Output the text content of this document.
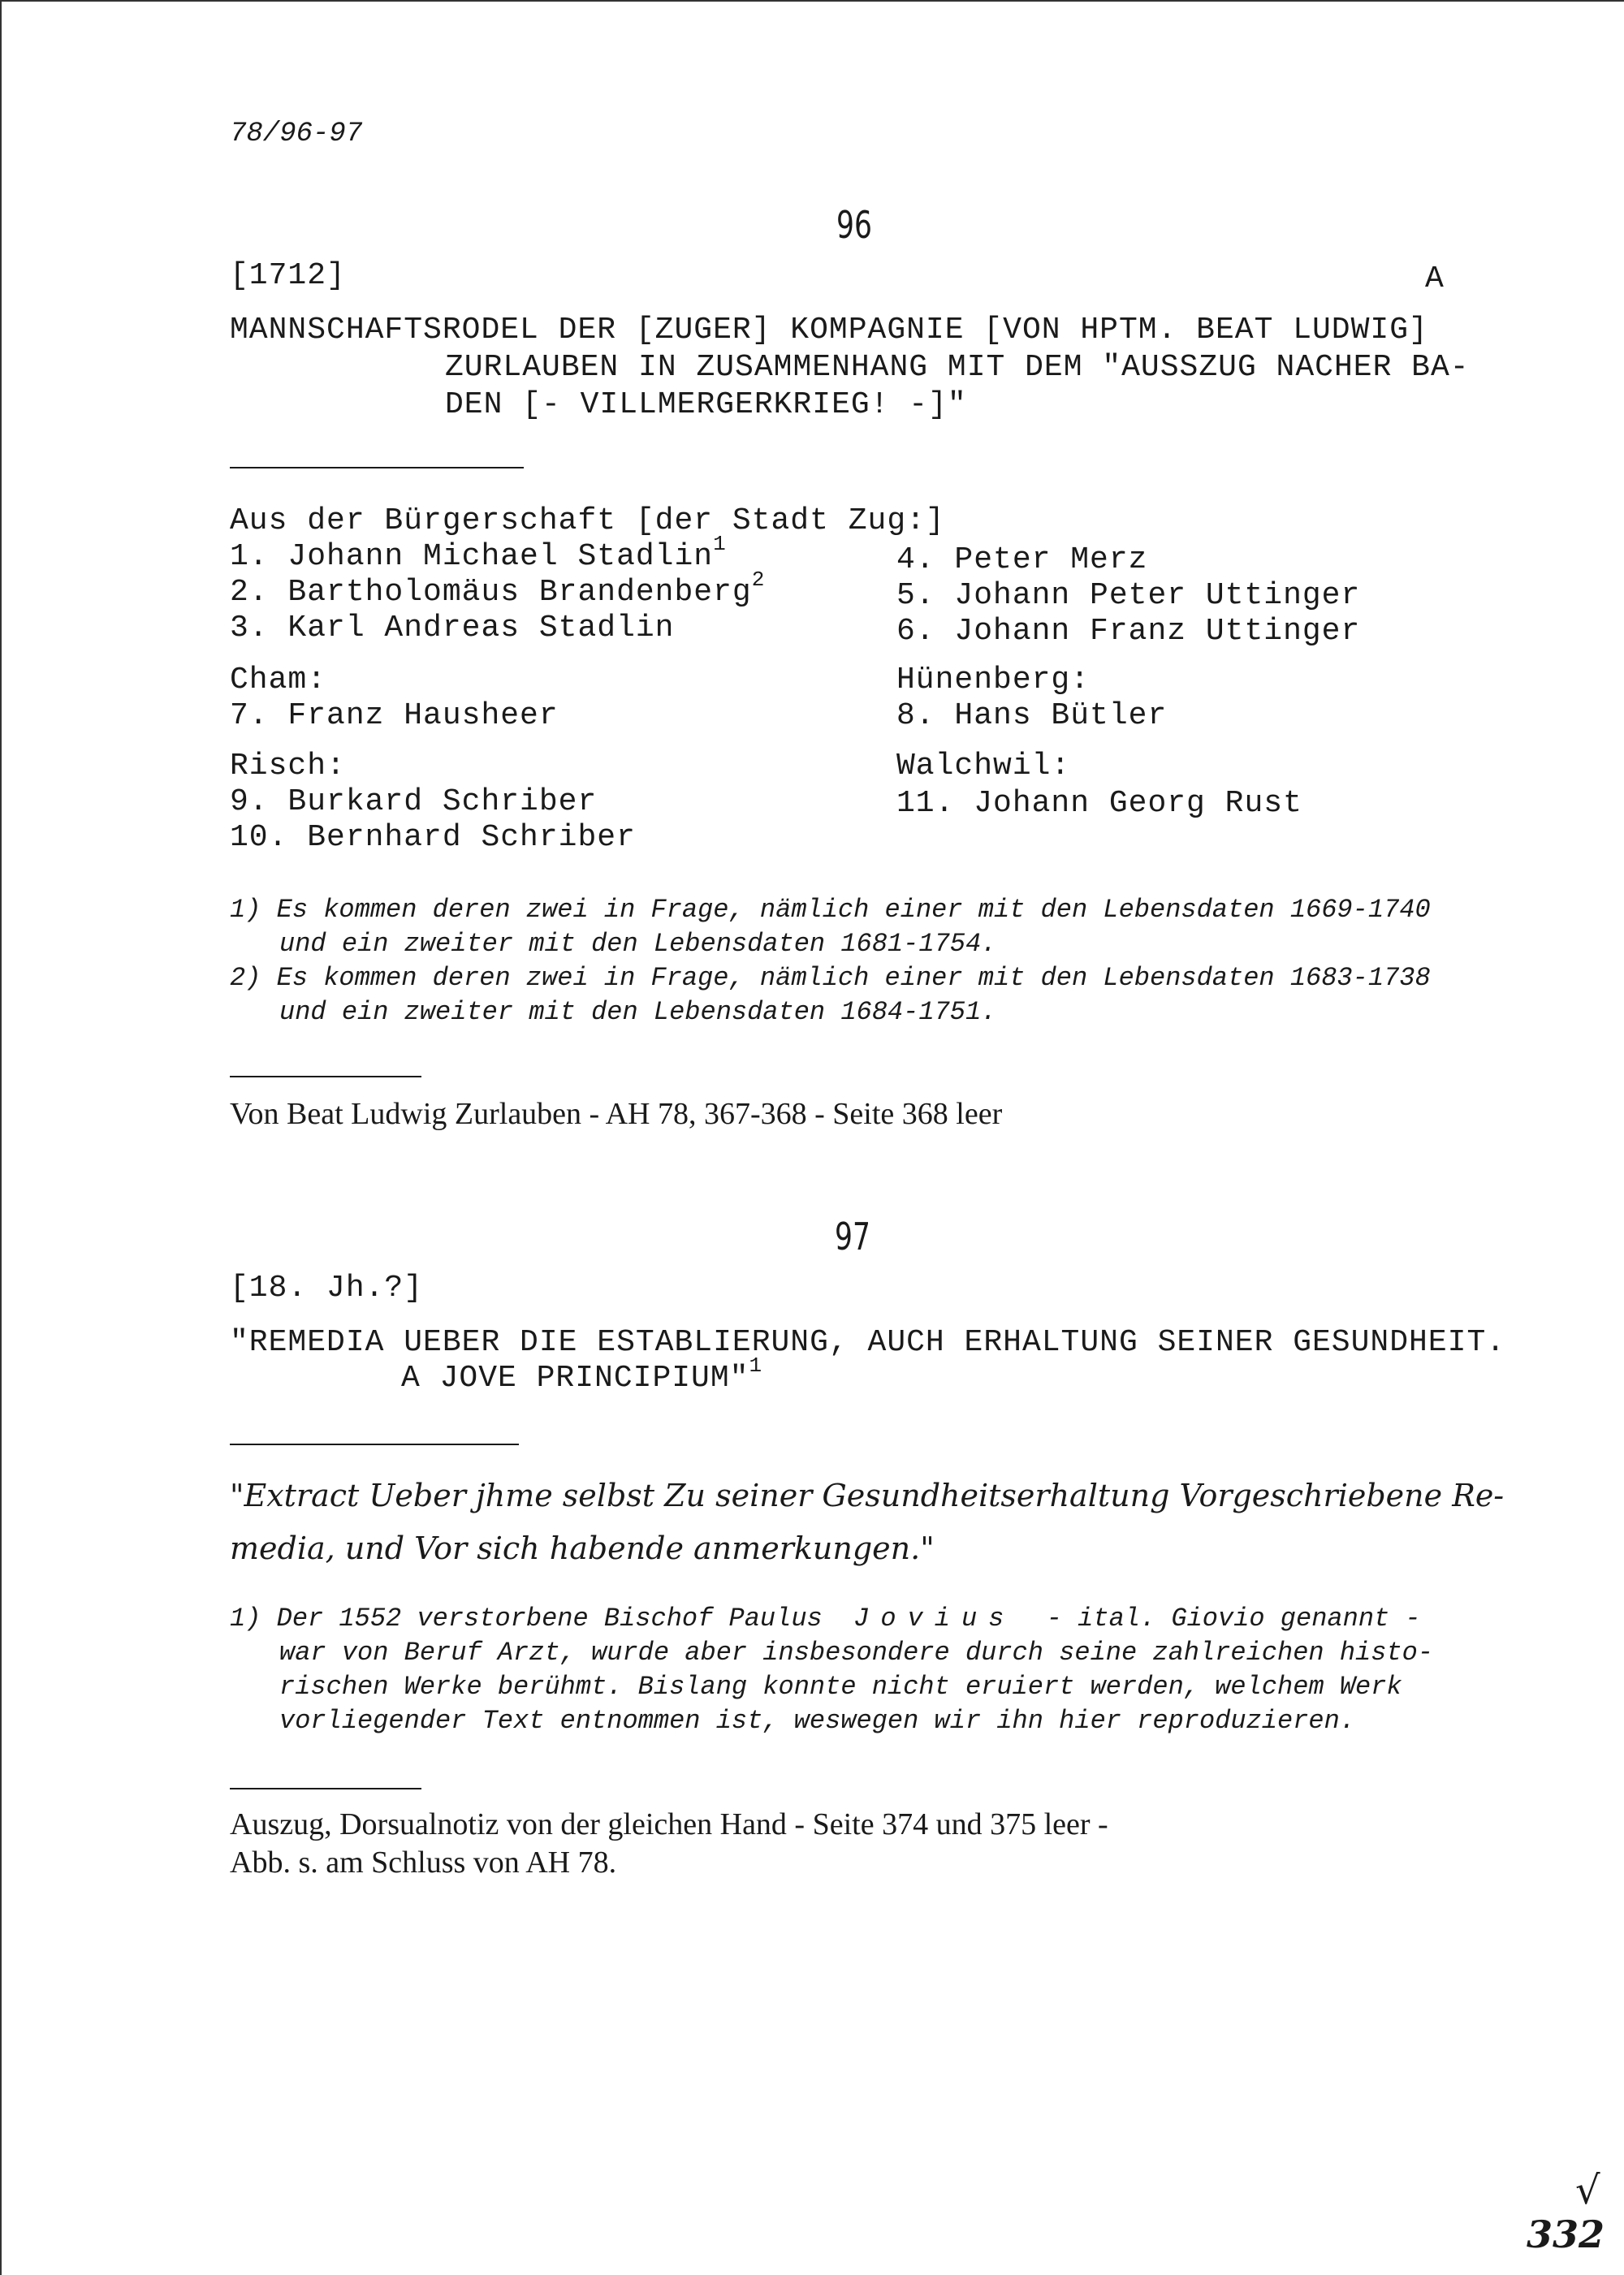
78/96-97
96
[1712]	A
MANNSCHAFTSRODEL DER [ZUGER] KOMPAGNIE [VON HPTM. BEAT LUDWIG]
ZURLAUBEN IN ZUSAMMENHANG MIT DEM "AUSSZUG NACHER BA-
DEN [- VILLMERGERKRIEG! -]"
Aus der Bürgerschaft [der Stadt Zug:]
1. Johann Michael Stadlin$^1$
2. Bartholomäus Brandenberg$^2$
3. Karl Andreas Stadlin
4. Peter Merz
5. Johann Peter Uttinger
6. Johann Franz Uttinger
Cham:
7. Franz Hausheer
Hünenberg:
8. Hans Bütler
Risch:
9. Burkard Schriber
10. Bernhard Schriber
Walchwil:
11. Johann Georg Rust
1) Es kommen deren zwei in Frage, nämlich einer mit den Lebensdaten 1669-1740
und ein zweiter mit den Lebensdaten 1681-1754.
2) Es kommen deren zwei in Frage, nämlich einer mit den Lebensdaten 1683-1738
und ein zweiter mit den Lebensdaten 1684-1751.
Von Beat Ludwig Zurlauben - AH 78, 367-368 - Seite 368 leer
97
[18. Jh.?]
"REMEDIA UEBER DIE ESTABLIERUNG, AUCH ERHALTUNG SEINER GESUNDHEIT.
A JOVE PRINCIPIUM"$^1$
"Extract Ueber jhme selbst Zu seiner Gesundheitserhaltung Vorgeschriebene Re-
media, und Vor sich habende anmerkungen."
1) Der 1552 verstorbene Bischof Paulus Jovius - ital. Giovio genannt -
war von Beruf Arzt, wurde aber insbesondere durch seine zahlreichen histo-
rischen Werke berühmt. Bislang konnte nicht eruiert werden, welchem Werk
vorliegender Text entnommen ist, weswegen wir ihn hier reproduzieren.
Auszug, Dorsualnotiz von der gleichen Hand - Seite 374 und 375 leer -
Abb. s. am Schluss von AH 78.
√
332
